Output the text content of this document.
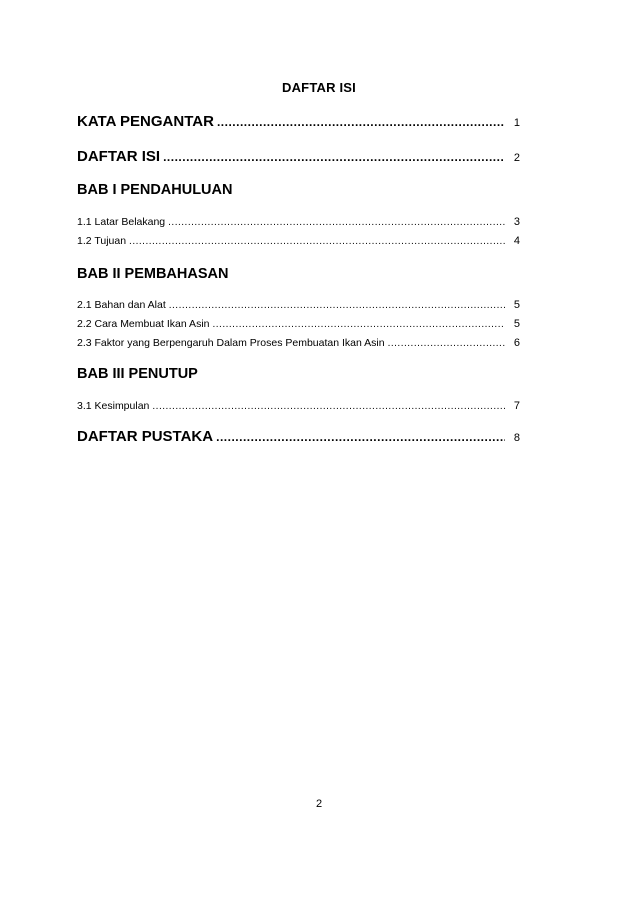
DAFTAR ISI
KATA PENGANTAR .....	1
DAFTAR ISI .....	2
BAB I PENDAHULUAN
1.1 Latar Belakang .....	3
1.2 Tujuan .....	4
BAB II PEMBAHASAN
2.1 Bahan dan Alat .....	5
2.2 Cara Membuat Ikan Asin .....	5
2.3 Faktor yang Berpengaruh Dalam Proses Pembuatan Ikan Asin .....	6
BAB III PENUTUP
3.1 Kesimpulan .....	7
DAFTAR PUSTAKA .....	8
2
